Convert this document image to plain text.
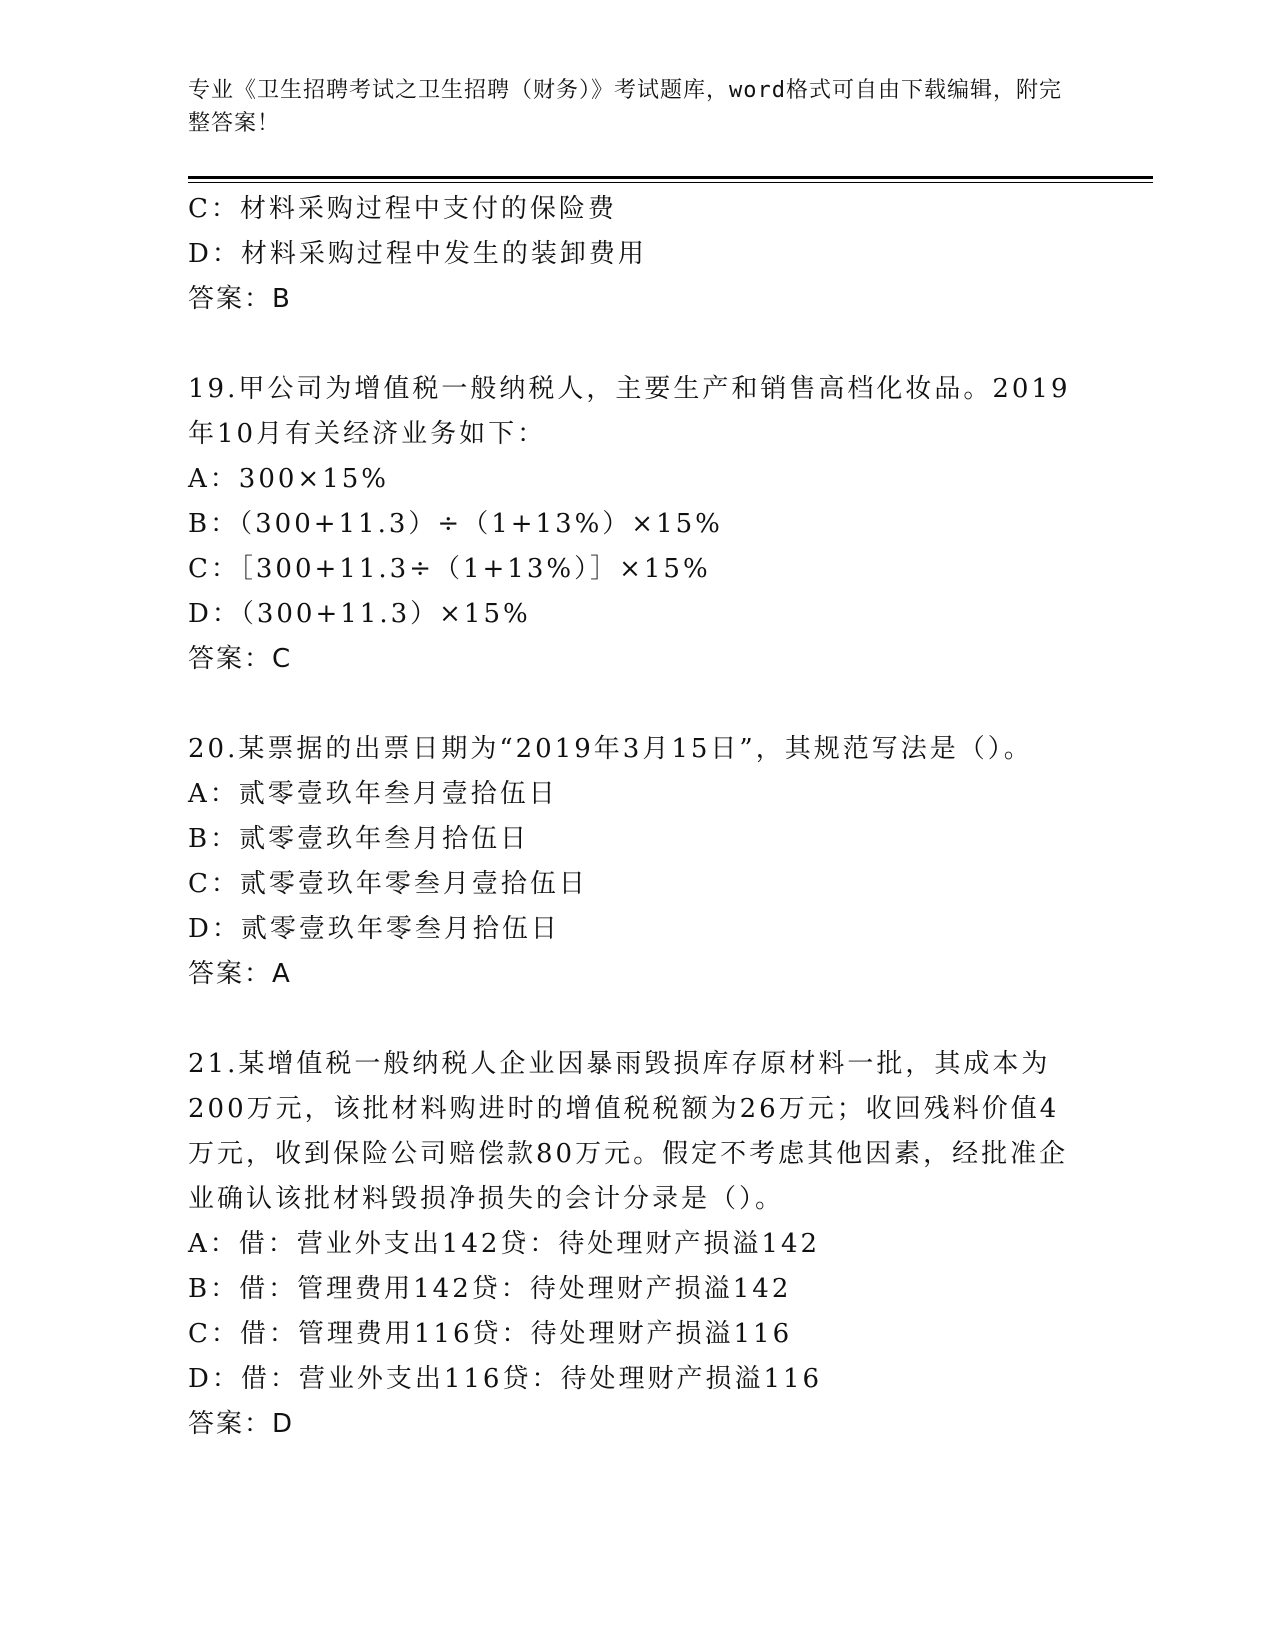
专业《卫生招聘考试之卫生招聘（财务）》考试题库，word格式可自由下载编辑，附完整答案！
C：材料采购过程中支付的保险费
D：材料采购过程中发生的装卸费用
答案：B
19.甲公司为增值税一般纳税人，主要生产和销售高档化妆品。2019年10月有关经济业务如下：
A：300×15%
B：（300+11.3）÷（1+13%）×15%
C：［300+11.3÷（1+13%）］×15%
D：（300+11.3）×15%
答案：C
20.某票据的出票日期为“2019年3月15日”，其规范写法是（）。
A：贰零壹玖年叁月壹拾伍日
B：贰零壹玖年叁月拾伍日
C：贰零壹玖年零叁月壹拾伍日
D：贰零壹玖年零叁月拾伍日
答案：A
21.某增值税一般纳税人企业因暴雨毁损库存原材料一批，其成本为200万元，该批材料购进时的增值税税额为26万元；收回残料价值4万元，收到保险公司赔偿款80万元。假定不考虑其他因素，经批准企业确认该批材料毁损净损失的会计分录是（）。
A：借：营业外支出142贷：待处理财产损溢142
B：借：管理费用142贷：待处理财产损溢142
C：借：管理费用116贷：待处理财产损溢116
D：借：营业外支出116贷：待处理财产损溢116
答案：D
